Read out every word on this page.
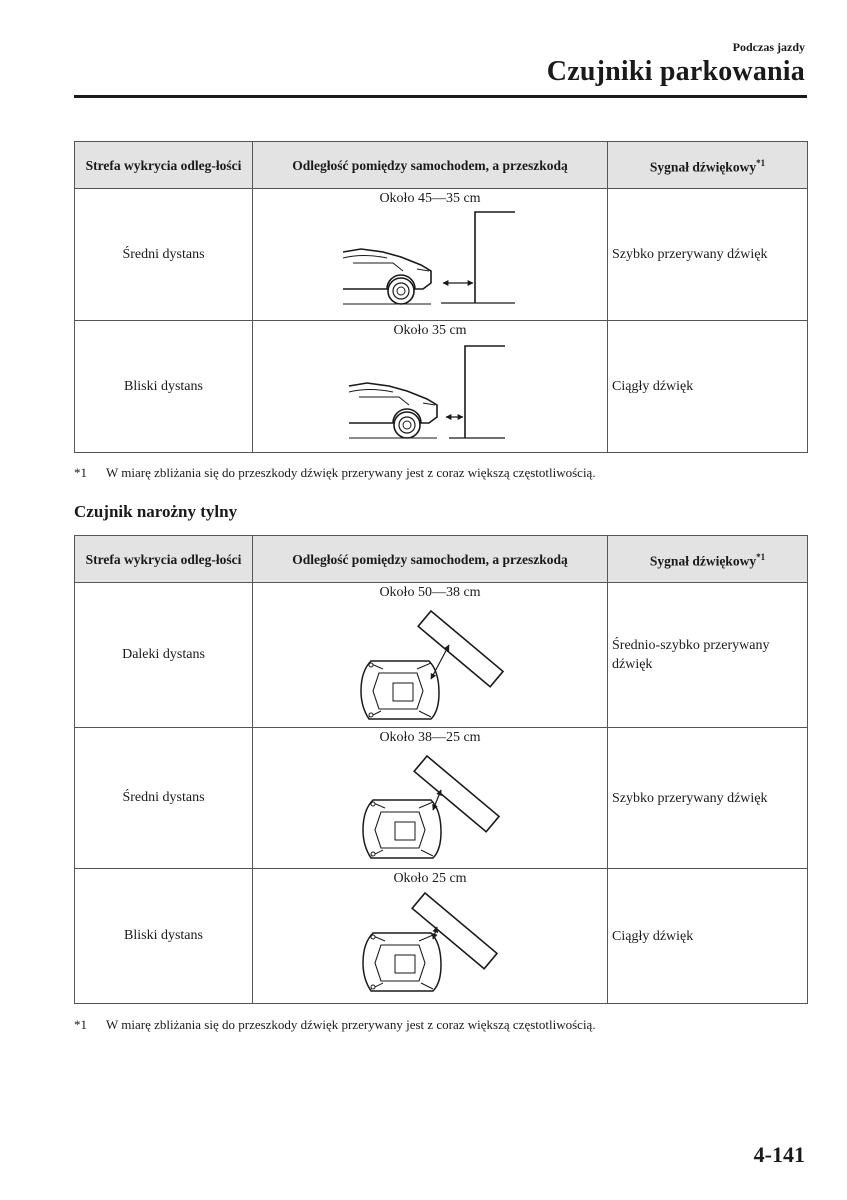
Podczas jazdy
Czujniki parkowania
Strefa wykrycia odleg-łości	Odległość pomiędzy samochodem, a przeszkodą	Sygnał dźwiękowy$^{*1}$
Średni dystans	Około 45―35 cm	Szybko przerywany dźwięk
Bliski dystans	Około 35 cm	Ciągły dźwięk
*1 W miarę zbliżania się do przeszkody dźwięk przerywany jest z coraz większą częstotliwością.
Czujnik narożny tylny
Strefa wykrycia odleg-łości	Odległość pomiędzy samochodem, a przeszkodą	Sygnał dźwiękowy$^{*1}$
Daleki dystans	Około 50―38 cm	Średnio-szybko przerywany dźwięk
Średni dystans	Około 38―25 cm	Szybko przerywany dźwięk
Bliski dystans	Około 25 cm	Ciągły dźwięk
*1 W miarę zbliżania się do przeszkody dźwięk przerywany jest z coraz większą częstotliwością.
4-141
